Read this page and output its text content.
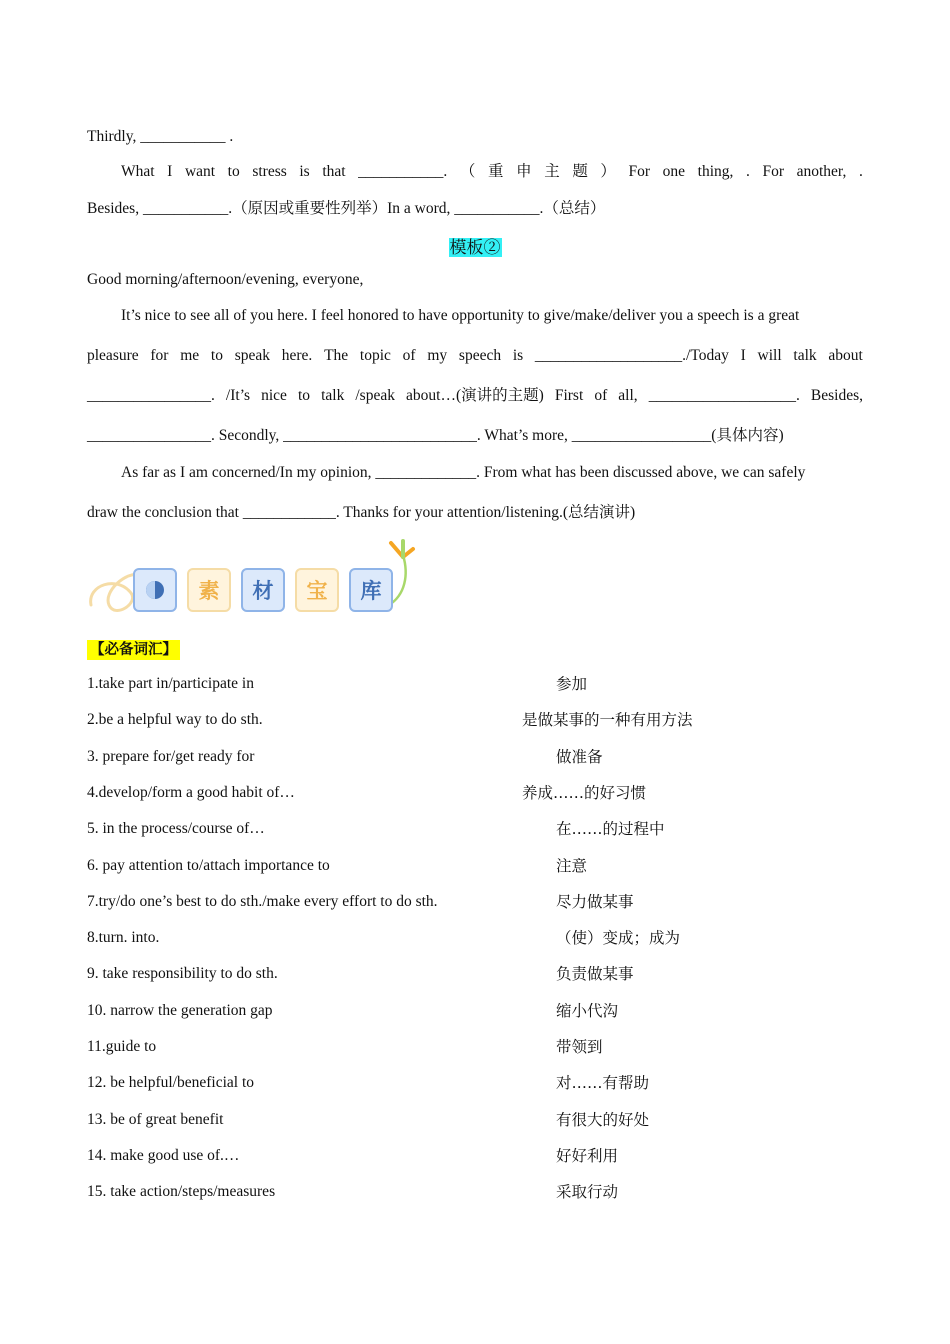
Thirdly, ___________ .
What I want to stress is that ___________. （ 重 申 主 题 ） For one thing, . For another, .
Besides, ___________.（原因或重要性列举）In a word, ___________.（总结）
模板②
Good morning/afternoon/evening, everyone,
It’s nice to see all of you here. I feel honored to have opportunity to give/make/deliver you a speech is a great
pleasure for me to speak here. The topic of my speech is ___________________./Today I will talk about
________________. /It’s nice to talk /speak about…(演讲的主题) First of all, ___________________. Besides,
________________. Secondly, _________________________. What’s more, __________________(具体内容)
As far as I am concerned/In my opinion, _____________. From what has been discussed above, we can safely
draw the conclusion that ____________. Thanks for your attention/listening.(总结演讲)
素	材	宝	库
【必备词汇】
1.take part in/participate in	参加
2.be a helpful way to do sth.	是做某事的一种有用方法
3. prepare for/get ready for	做准备
4.develop/form a good habit of…	养成……的好习惯
5. in the process/course of…	在……的过程中
6. pay attention to/attach importance to	注意
7.try/do one’s best to do sth./make every effort to do sth.	尽力做某事
8.turn. into.	（使）变成；成为
9. take responsibility to do sth.	负责做某事
10. narrow the generation gap	缩小代沟
11.guide to	带领到
12. be helpful/beneficial to	对……有帮助
13. be of great benefit	有很大的好处
14. make good use of.…	好好利用
15. take action/steps/measures	采取行动
